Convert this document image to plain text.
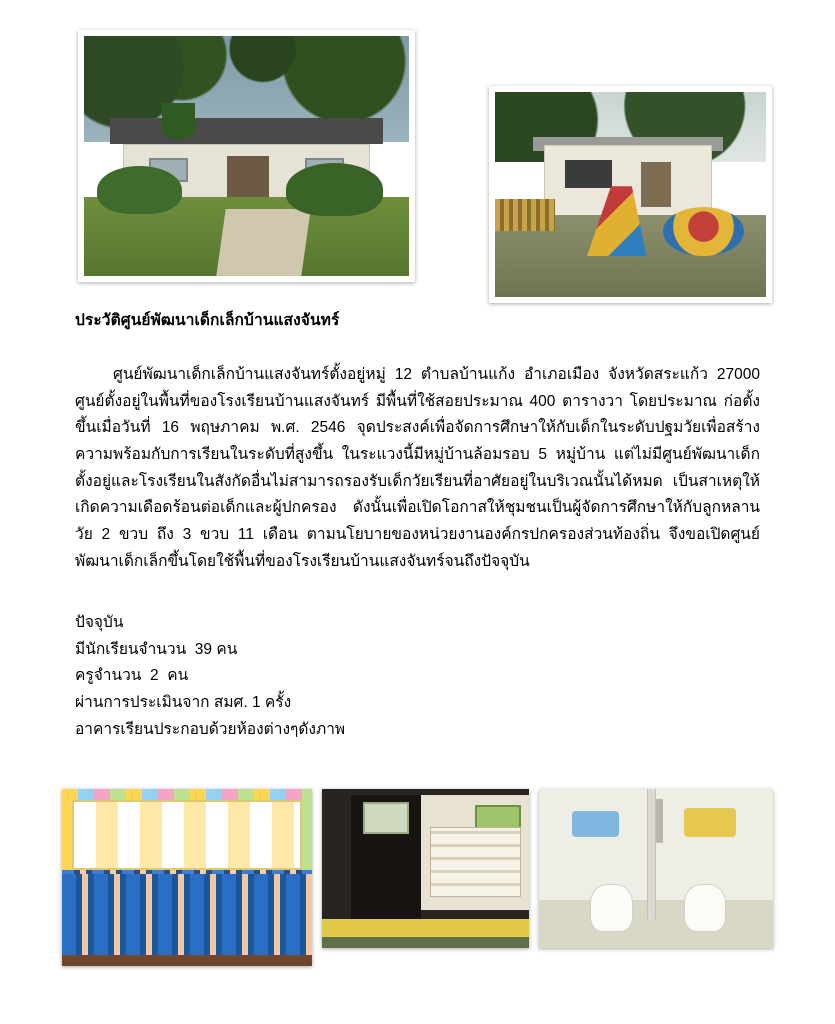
ประวัติศูนย์พัฒนาเด็กเล็กบ้านแสงจันทร์
ศูนย์พัฒนาเด็กเล็กบ้านแสงจันทร์ตั้งอยู่หมู่ 12 ตำบลบ้านแก้ง อำเภอเมือง จังหวัดสระแก้ว 27000 ศูนย์ตั้งอยู่ในพื้นที่ของโรงเรียนบ้านแสงจันทร์ มีพื้นที่ใช้สอยประมาณ 400 ตารางวา โดยประมาณ ก่อตั้งขึ้นเมื่อวันที่ 16 พฤษภาคม พ.ศ. 2546 จุดประสงค์เพื่อจัดการศึกษาให้กับเด็กในระดับปฐมวัยเพื่อสร้างความพร้อมกับการเรียนในระดับที่สูงขึ้น ในระแวงนี้มีหมู่บ้านล้อมรอบ 5 หมู่บ้าน แต่ไม่มีศูนย์พัฒนาเด็กตั้งอยู่และโรงเรียนในสังกัดอื่นไม่สามารถรองรับเด็กวัยเรียนที่อาศัยอยู่ในบริเวณนั้นได้หมด เป็นสาเหตุให้เกิดความเดือดร้อนต่อเด็กและผู้ปกครอง ดังนั้นเพื่อเปิดโอกาสให้ชุมชนเป็นผู้จัดการศึกษาให้กับลูกหลานวัย 2 ขวบ ถึง 3 ขวบ 11 เดือน ตามนโยบายของหน่วยงานองค์กรปกครองส่วนท้องถิ่น จึงขอเปิดศูนย์พัฒนาเด็กเล็กขึ้นโดยใช้พื้นที่ของโรงเรียนบ้านแสงจันทร์จนถึงปัจจุบัน
ปัจจุบัน
มีนักเรียนจำนวน  39 คน
ครูจำนวน  2  คน
ผ่านการประเมินจาก สมศ. 1 ครั้ง
อาคารเรียนประกอบด้วยห้องต่างๆดังภาพ
